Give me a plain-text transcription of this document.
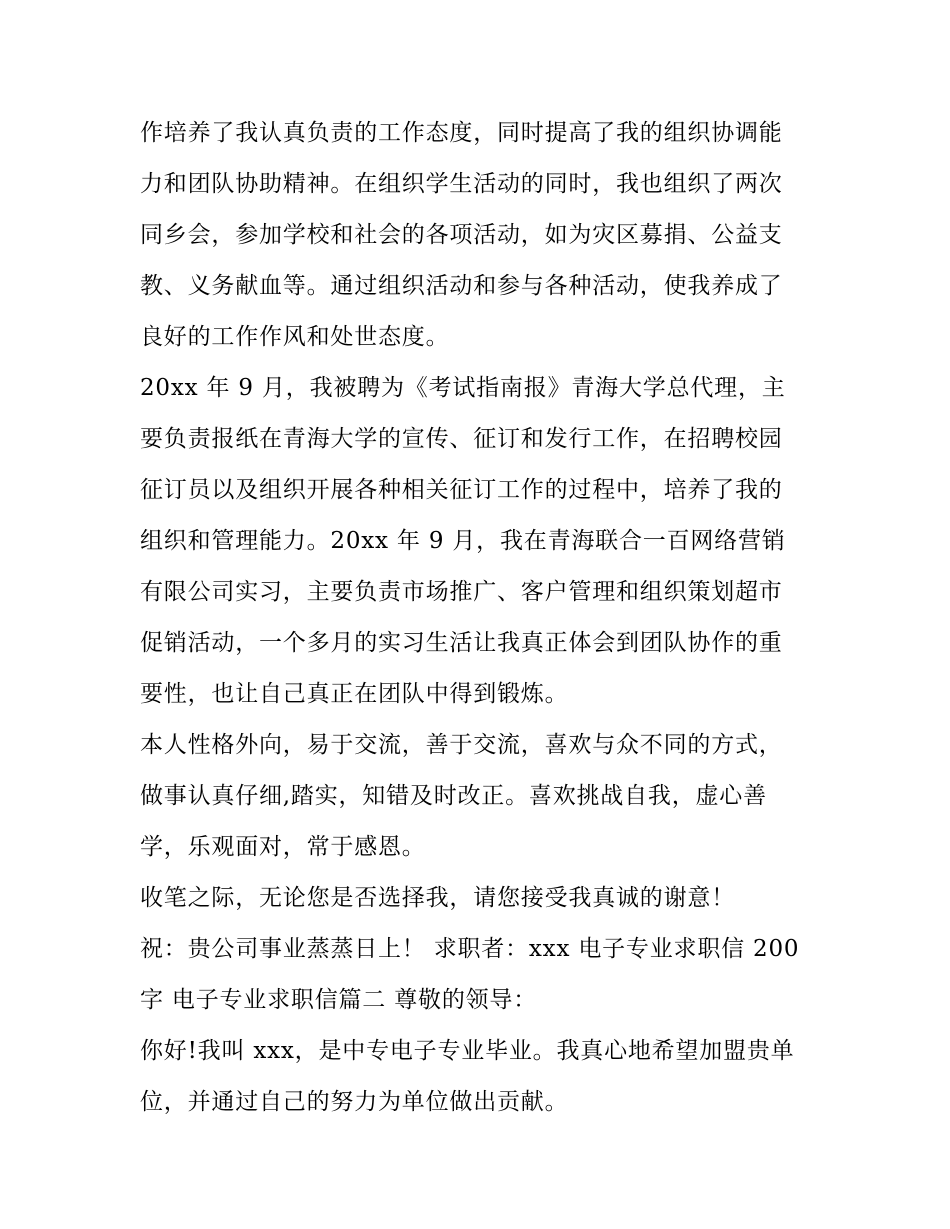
作培养了我认真负责的工作态度，同时提高了我的组织协调能
力和团队协助精神。在组织学生活动的同时，我也组织了两次
同乡会，参加学校和社会的各项活动，如为灾区募捐、公益支
教、义务献血等。通过组织活动和参与各种活动，使我养成了
良好的工作作风和处世态度。
20xx 年 9 月，我被聘为《考试指南报》青海大学总代理，主
要负责报纸在青海大学的宣传、征订和发行工作，在招聘校园
征订员以及组织开展各种相关征订工作的过程中，培养了我的
组织和管理能力。20xx 年 9 月，我在青海联合一百网络营销
有限公司实习，主要负责市场推广、客户管理和组织策划超市
促销活动，一个多月的实习生活让我真正体会到团队协作的重
要性，也让自己真正在团队中得到锻炼。
本人性格外向，易于交流，善于交流，喜欢与众不同的方式，
做事认真仔细,踏实，知错及时改正。喜欢挑战自我，虚心善
学，乐观面对，常于感恩。
收笔之际，无论您是否选择我，请您接受我真诚的谢意！
祝：贵公司事业蒸蒸日上！ 求职者：xxx 电子专业求职信 200
字 电子专业求职信篇二 尊敬的领导：
你好!我叫 xxx，是中专电子专业毕业。我真心地希望加盟贵单
位，并通过自己的努力为单位做出贡献。
